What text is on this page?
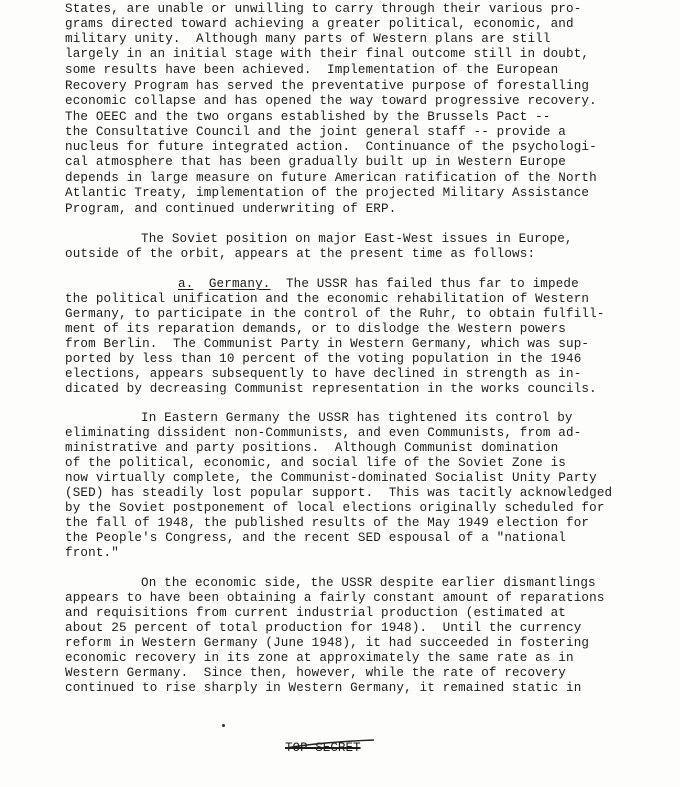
States, are unable or unwilling to carry through their various pro-
grams directed toward achieving a greater political, economic, and
military unity.  Although many parts of Western plans are still
largely in an initial stage with their final outcome still in doubt,
some results have been achieved.  Implementation of the European
Recovery Program has served the preventative purpose of forestalling
economic collapse and has opened the way toward progressive recovery.
The OEEC and the two organs established by the Brussels Pact --
the Consultative Council and the joint general staff -- provide a
nucleus for future integrated action.  Continuance of the psychologi-
cal atmosphere that has been gradually built up in Western Europe
depends in large measure on future American ratification of the North
Atlantic Treaty, implementation of the projected Military Assistance
Program, and continued underwriting of ERP.
The Soviet position on major East-West issues in Europe,
outside of the orbit, appears at the present time as follows:
a. Germany. The USSR has failed thus far to impede
the political unification and the economic rehabilitation of Western
Germany, to participate in the control of the Ruhr, to obtain fulfill-
ment of its reparation demands, or to dislodge the Western powers
from Berlin.  The Communist Party in Western Germany, which was sup-
ported by less than 10 percent of the voting population in the 1946
elections, appears subsequently to have declined in strength as in-
dicated by decreasing Communist representation in the works councils.
In Eastern Germany the USSR has tightened its control by
eliminating dissident non-Communists, and even Communists, from ad-
ministrative and party positions.  Although Communist domination
of the political, economic, and social life of the Soviet Zone is
now virtually complete, the Communist-dominated Socialist Unity Party
(SED) has steadily lost popular support.  This was tacitly acknowledged
by the Soviet postponement of local elections originally scheduled for
the fall of 1948, the published results of the May 1949 election for
the People's Congress, and the recent SED espousal of a "national
front."
On the economic side, the USSR despite earlier dismantlings
appears to have been obtaining a fairly constant amount of reparations
and requisitions from current industrial production (estimated at
about 25 percent of total production for 1948).  Until the currency
reform in Western Germany (June 1948), it had succeeded in fostering
economic recovery in its zone at approximately the same rate as in
Western Germany.  Since then, however, while the rate of recovery
continued to rise sharply in Western Germany, it remained static in
TOP SECRET
